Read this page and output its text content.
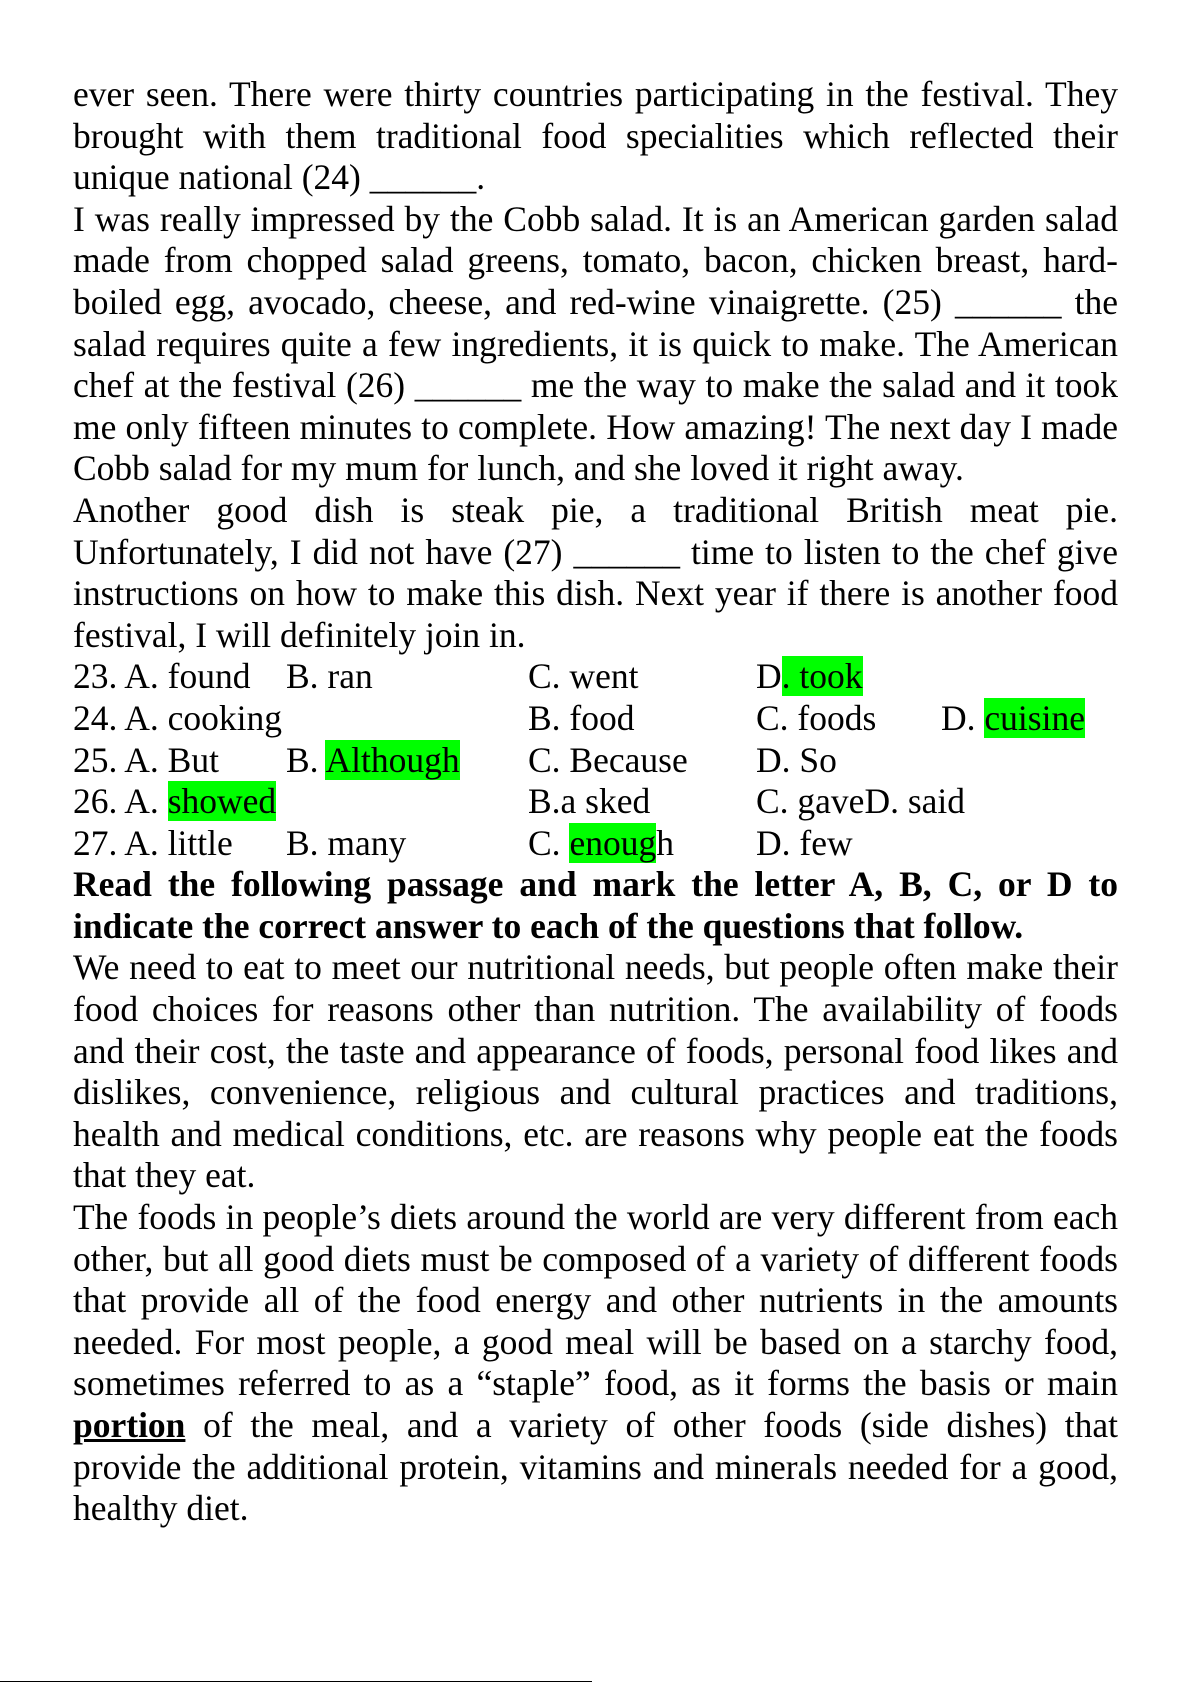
ever seen. There were thirty countries participating in the festival. They brought with them traditional food specialities which reflected their unique national (24) ______.

I was really impressed by the Cobb salad. It is an American garden salad made from chopped salad greens, tomato, bacon, chicken breast, hard-boiled egg, avocado, cheese, and red-wine vinaigrette. (25) ______ the salad requires quite a few ingredients, it is quick to make. The American chef at the festival (26) ______ me the way to make the salad and it took me only fifteen minutes to complete. How amazing! The next day I made Cobb salad for my mum for lunch, and she loved it right away.

Another good dish is steak pie, a traditional British meat pie. Unfortunately, I did not have (27) ______ time to listen to the chef give instructions on how to make this dish. Next year if there is another food festival, I will definitely join in.

23. A. found B. ran	C. went	D. took
24. A. cooking	B. food	C. foods D. cuisine
25. A. But B. Although C. Because D. So
26. A. showed	B.a sked	C. gaveD. said
27. A. little B. many	C. enough D. few

Read the following passage and mark the letter A, B, C, or D to indicate the correct answer to each of the questions that follow.

We need to eat to meet our nutritional needs, but people often make their food choices for reasons other than nutrition. The availability of foods and their cost, the taste and appearance of foods, personal food likes and dislikes, convenience, religious and cultural practices and traditions, health and medical conditions, etc. are reasons why people eat the foods that they eat.

The foods in people’s diets around the world are very different from each other, but all good diets must be composed of a variety of different foods that provide all of the food energy and other nutrients in the amounts needed. For most people, a good meal will be based on a starchy food, sometimes referred to as a “staple” food, as it forms the basis or main portion of the meal, and a variety of other foods (side dishes) that provide the additional protein, vitamins and minerals needed for a good, healthy diet.
